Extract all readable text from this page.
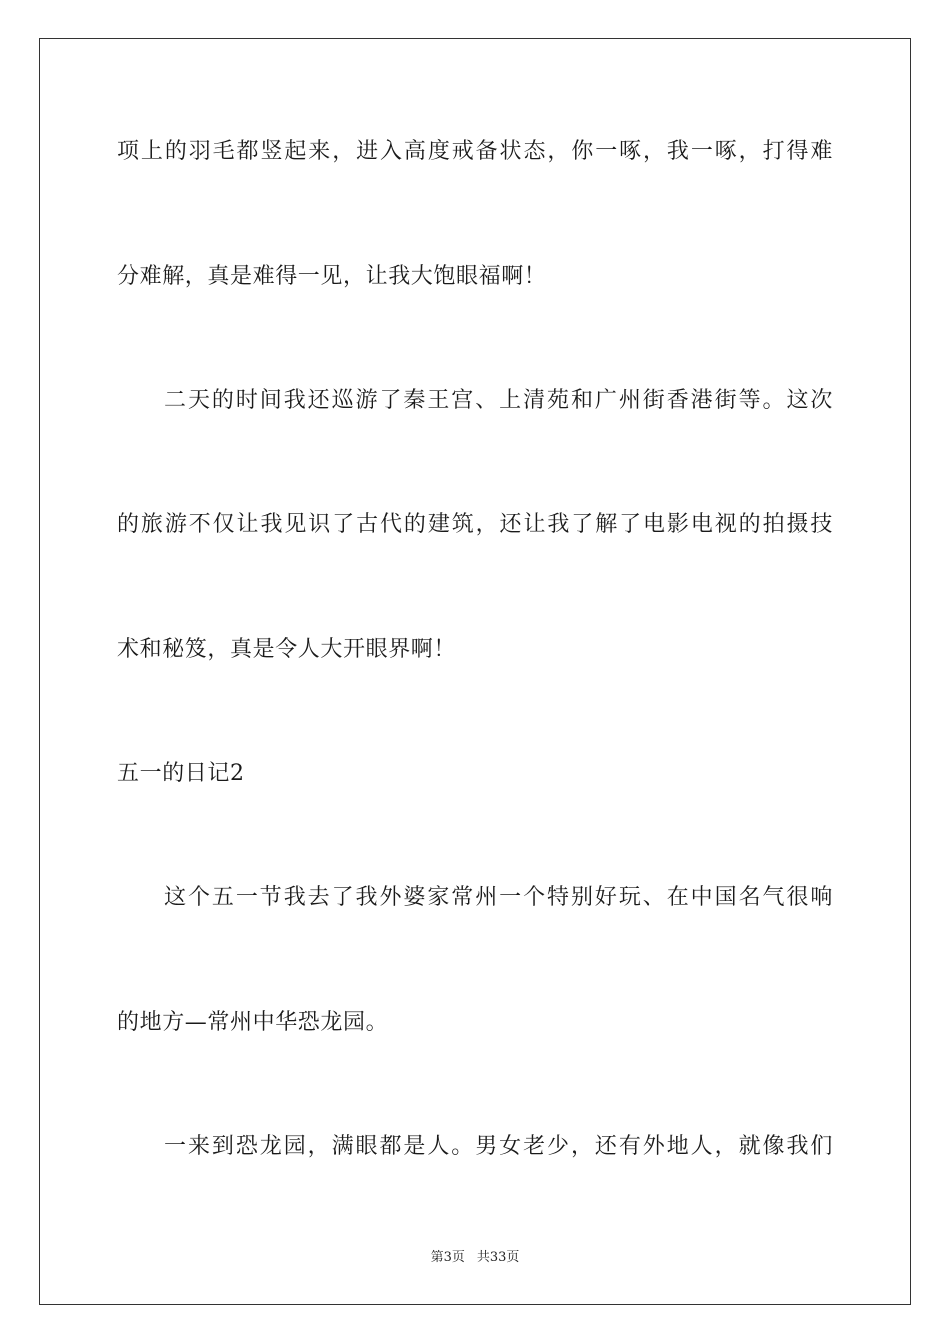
项上的羽毛都竖起来，进入高度戒备状态，你一啄，我一啄，打得难
分难解，真是难得一见，让我大饱眼福啊！
二天的时间我还巡游了秦王宫、上清苑和广州街香港街等。这次
的旅游不仅让我见识了古代的建筑，还让我了解了电影电视的拍摄技
术和秘笈，真是令人大开眼界啊！
五一的日记2
这个五一节我去了我外婆家常州一个特别好玩、在中国名气很响
的地方—常州中华恐龙园。
一来到恐龙园，满眼都是人。男女老少，还有外地人，就像我们
第3页 共33页
